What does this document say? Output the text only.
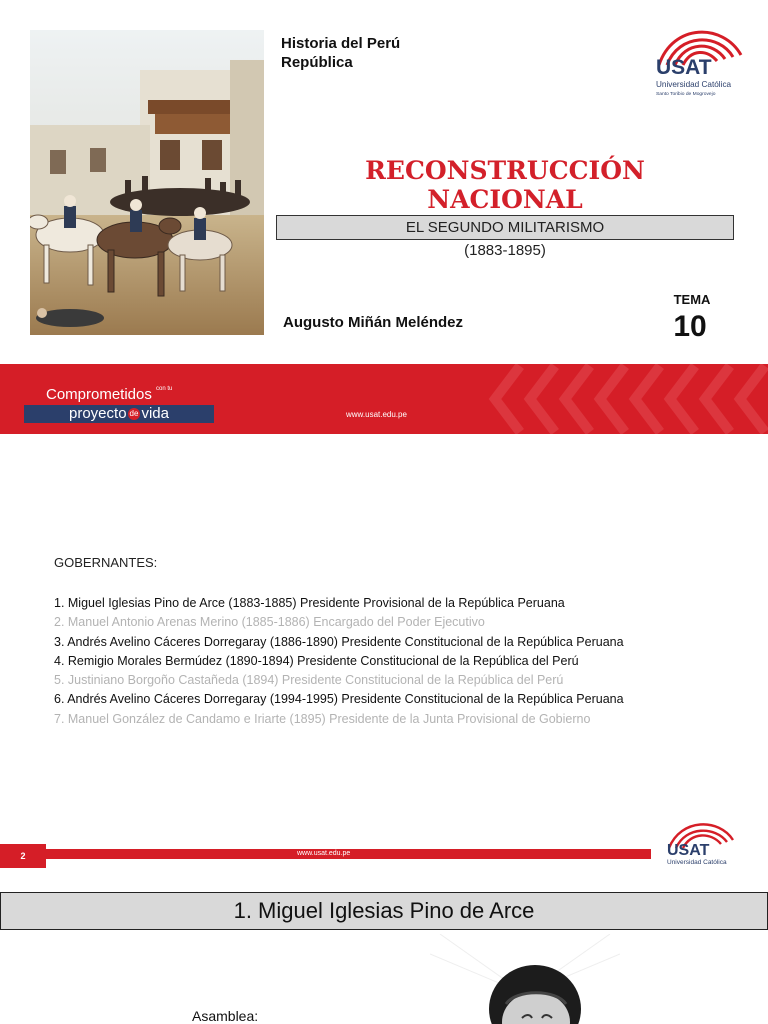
Historia del Perú
República	USAT
Universidad Católica
Santo Toribio de Mogrovejo
RECONSTRUCCIÓN
NACIONAL
EL SEGUNDO MILITARISMO
(1883-1895)
TEMA
10
Augusto Miñán Meléndez
Comprometidos $^{con tu}$
proyecto de vida	www.usat.edu.pe
GOBERNANTES:
1. Miguel Iglesias Pino de Arce (1883-1885) Presidente Provisional de la República Peruana
2. Manuel Antonio Arenas Merino (1885-1886) Encargado del Poder Ejecutivo
3. Andrés Avelino Cáceres Dorregaray (1886-1890) Presidente Constitucional de la República Peruana
4. Remigio Morales Bermúdez (1890-1894) Presidente Constitucional de la República del Perú
5. Justiniano Borgoño Castañeda (1894) Presidente Constitucional de la República del Perú
6. Andrés Avelino Cáceres Dorregaray (1994-1995) Presidente Constitucional de la República Peruana
7. Manuel González de Candamo e Iriarte (1895) Presidente de la Junta Provisional de Gobierno
2	www.usat.edu.pe	USAT
Universidad Católica
1. Miguel Iglesias Pino de Arce
Asamblea:
